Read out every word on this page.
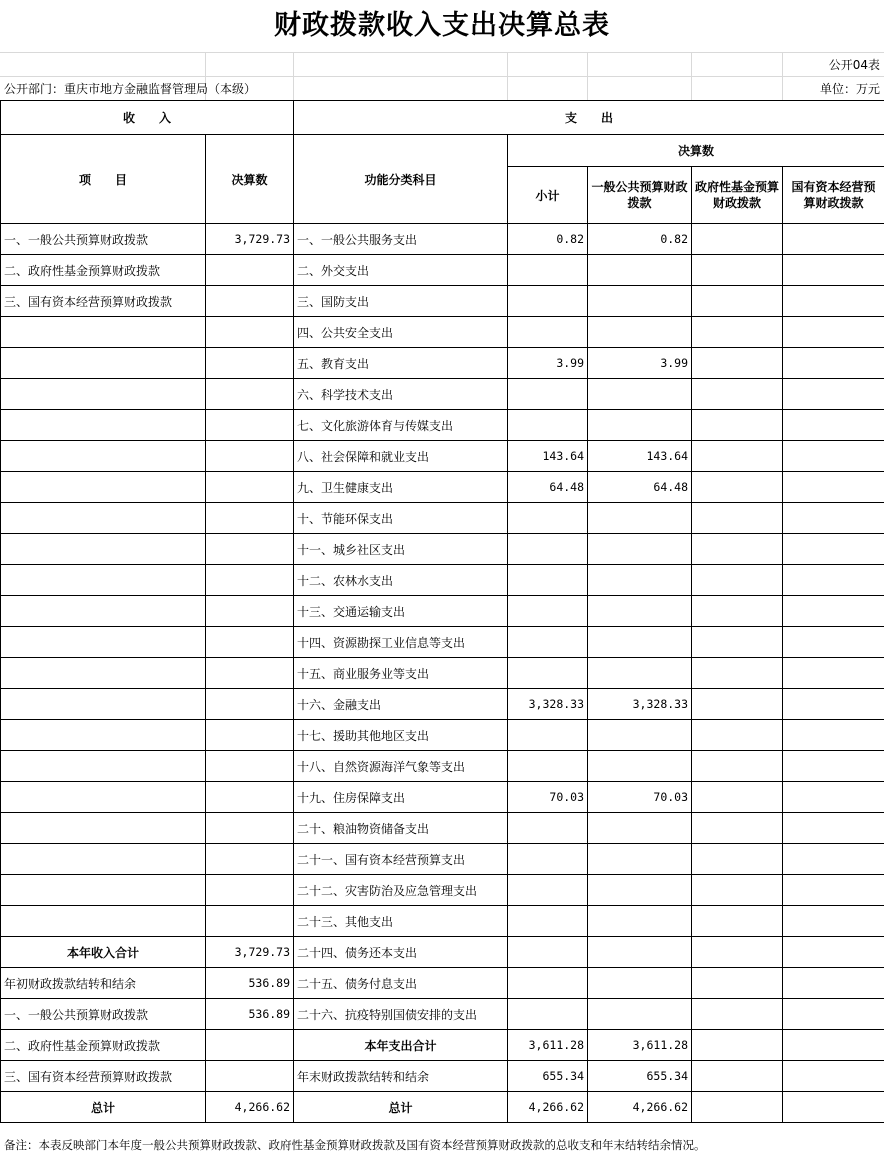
财政拨款收入支出决算总表
公开04表
公开部门：重庆市地方金融监督管理局（本级）	单位：万元
收　　入		支　　出				
项　　目	决算数	功能分类科目	决算数			
			小计	一般公共预算财政拨款	政府性基金预算财政拨款	国有资本经营预算财政拨款
一、一般公共预算财政拨款	3,729.73	一、一般公共服务支出	0.82	0.82		
二、政府性基金预算财政拨款		二、外交支出				
三、国有资本经营预算财政拨款		三、国防支出				
		四、公共安全支出				
		五、教育支出	3.99	3.99		
		六、科学技术支出				
		七、文化旅游体育与传媒支出				
		八、社会保障和就业支出	143.64	143.64		
		九、卫生健康支出	64.48	64.48		
		十、节能环保支出				
		十一、城乡社区支出				
		十二、农林水支出				
		十三、交通运输支出				
		十四、资源勘探工业信息等支出				
		十五、商业服务业等支出				
		十六、金融支出	3,328.33	3,328.33		
		十七、援助其他地区支出				
		十八、自然资源海洋气象等支出				
		十九、住房保障支出	70.03	70.03		
		二十、粮油物资储备支出				
		二十一、国有资本经营预算支出				
		二十二、灾害防治及应急管理支出				
		二十三、其他支出				
本年收入合计	3,729.73	二十四、债务还本支出				
年初财政拨款结转和结余	536.89	二十五、债务付息支出				
一、一般公共预算财政拨款	536.89	二十六、抗疫特别国债安排的支出				
二、政府性基金预算财政拨款		本年支出合计	3,611.28	3,611.28		
三、国有资本经营预算财政拨款		年末财政拨款结转和结余	655.34	655.34		
总计	4,266.62	总计	4,266.62	4,266.62		
备注：本表反映部门本年度一般公共预算财政拨款、政府性基金预算财政拨款及国有资本经营预算财政拨款的总收支和年末结转结余情况。
